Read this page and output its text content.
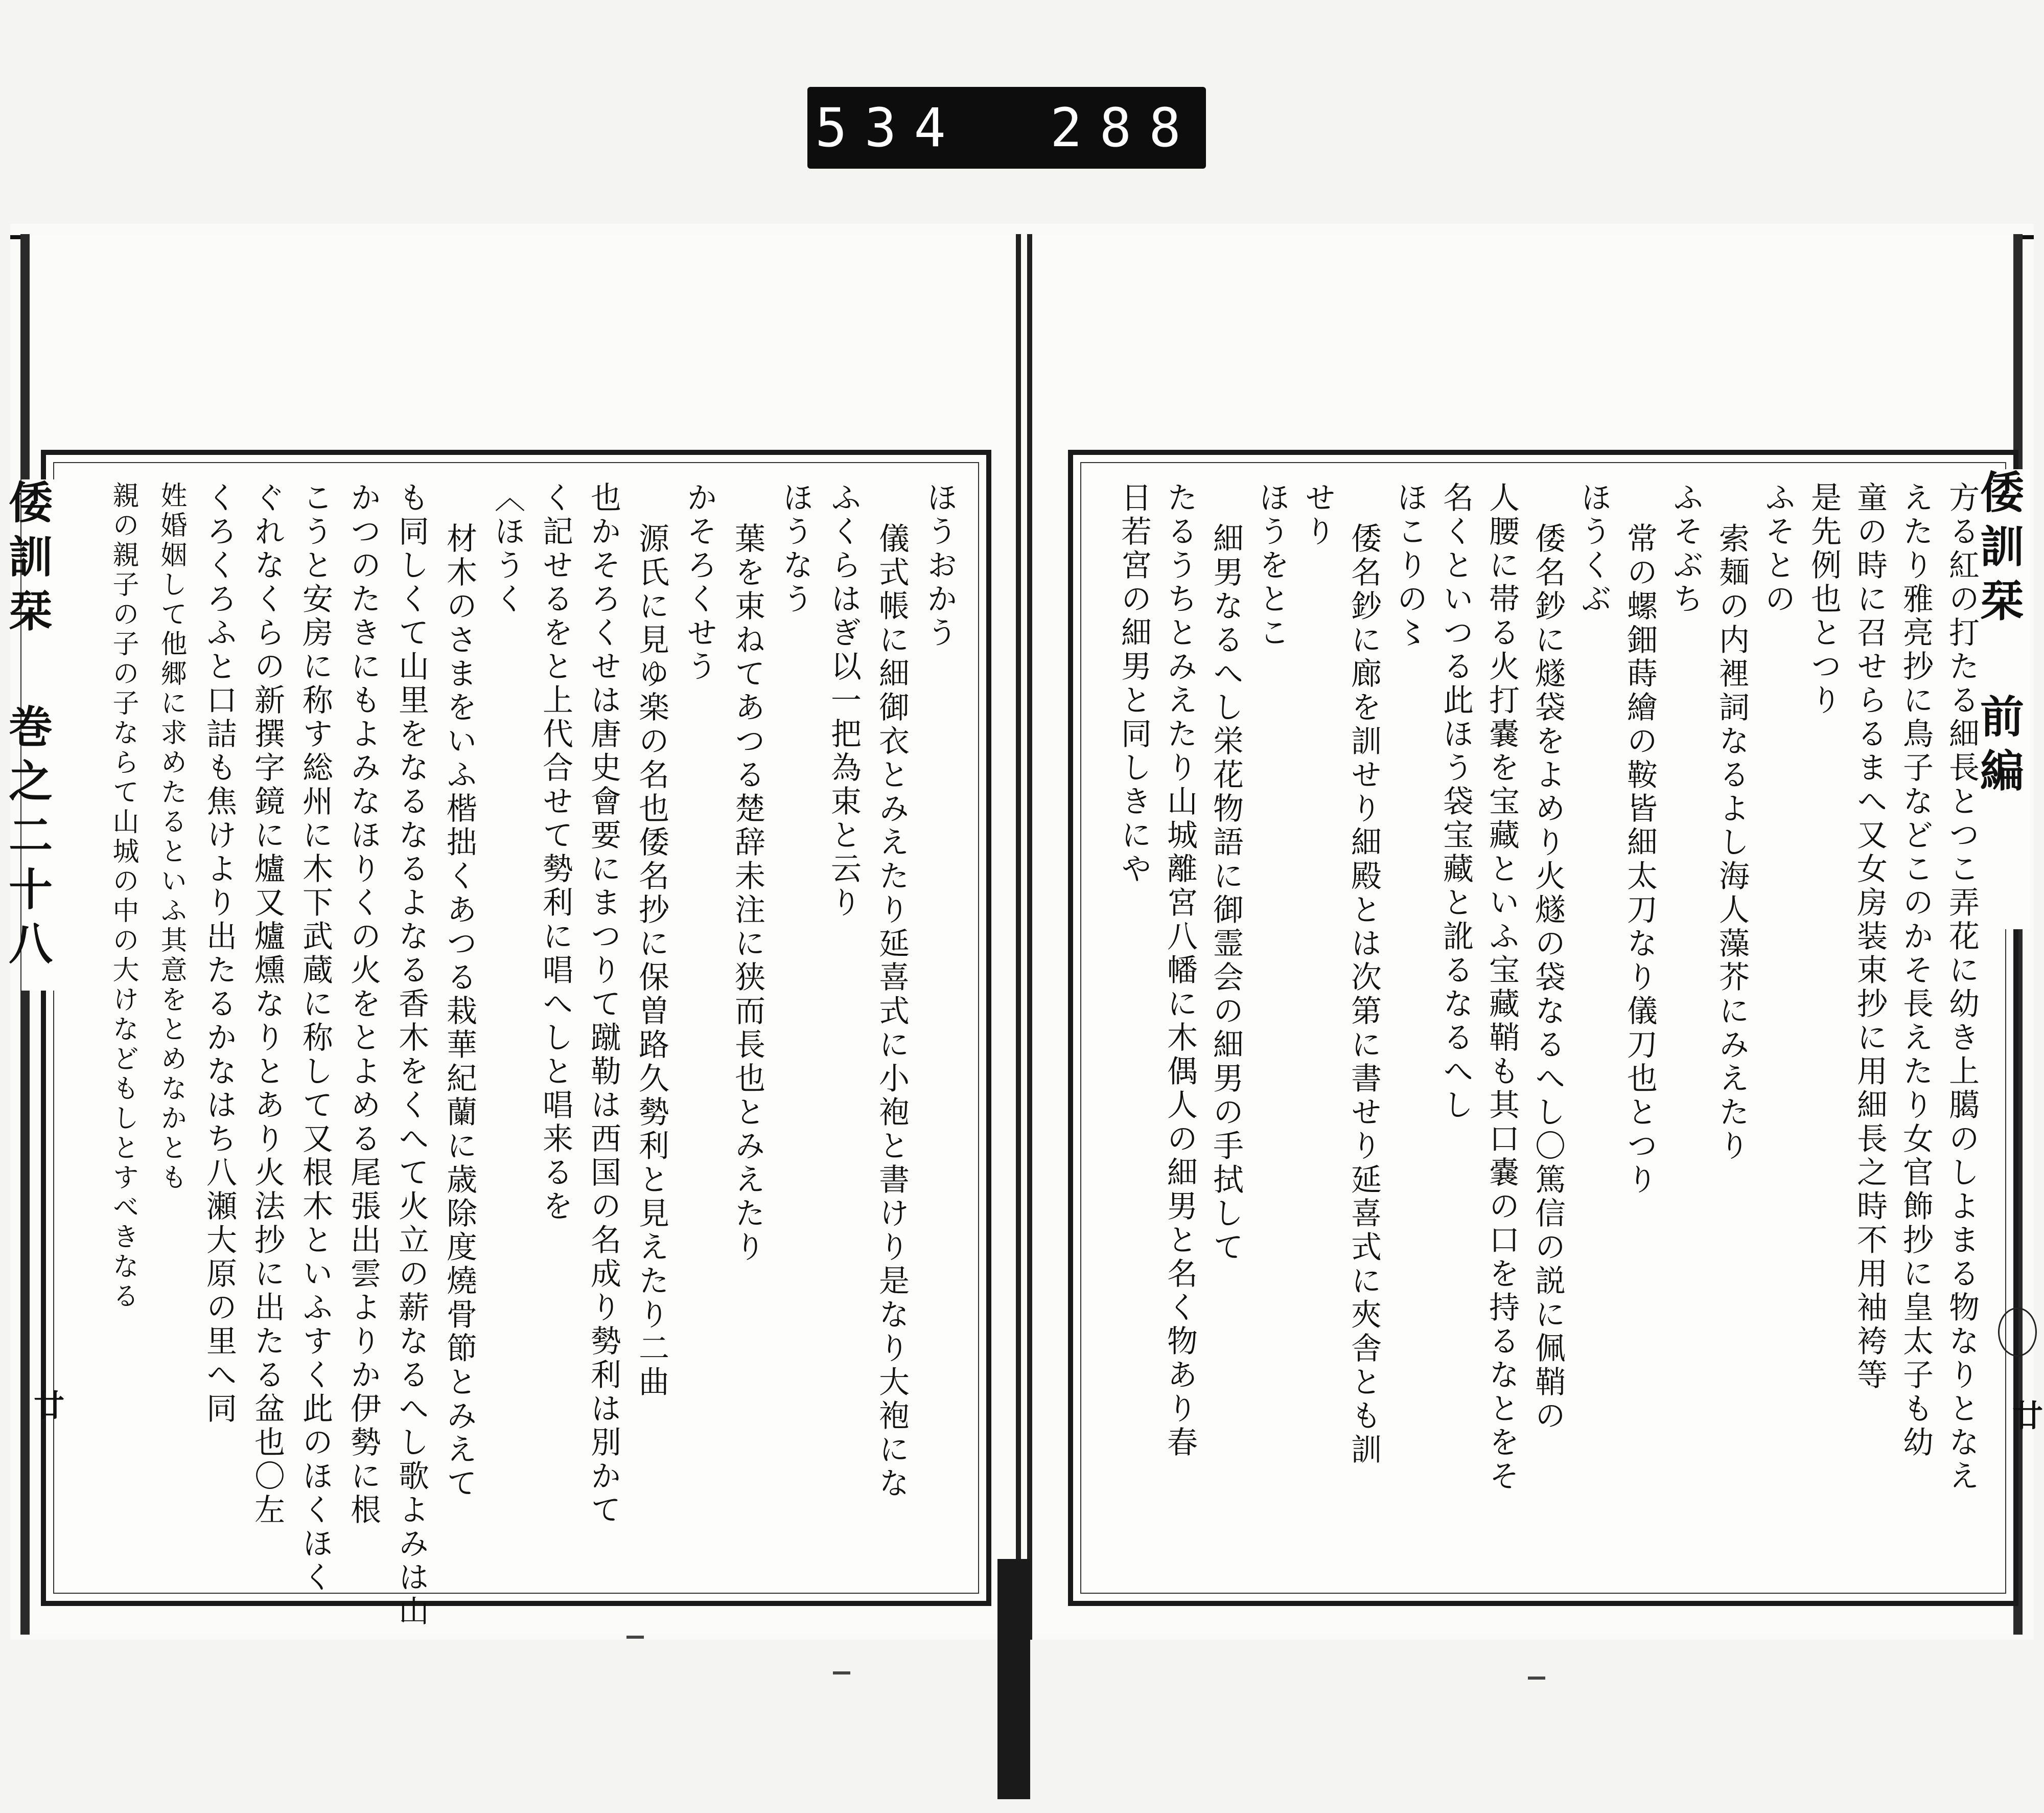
534 288
ほうおかう
儀式帳に細御衣とみえたり延喜式に小袍と書けり是なり大袍にな
ふくらはぎ以一把為束と云り
ほうなう
葉を束ねてあつる楚辞未注に狭而長也とみえたり
かそろくせう
源氏に見ゆ楽の名也倭名抄に保曽路久勢利と見えたり二曲
也かそろくせは唐史會要にまつりて蹴勒は西国の名成り勢利は別かて
く記せるをと上代合せて勢利に唱へしと唱来るを
〈ほうく
材木のさまをいふ楷拙くあつる栽華紀蘭に歳除度燒骨節とみえて
も同しくて山里をなるなるよなる香木をくへて火立の薪なるへし歌よみは山
かつのたきにもよみなほりくの火をとよめる尾張出雲よりか伊勢に根
こうと安房に称す総州に木下武蔵に称して又根木といふすく此のほくほく
ぐれなくらの新撰字鏡に爐又爐燻なりとあり火法抄に出たる盆也〇左
くろくろふと口詰も焦けより出たるかなはち八瀬大原の里へ同
姓婚姻して他郷に求めたるといふ其意をとめなかとも
親の親子の子の子ならて山城の中の大けなどもしとすべきなる	方る紅の打たる細長とつこ弄花に幼き上臈のしよまる物なりとなえ
えたり雅亮抄に鳥子などこのかそ長えたり女官飾抄に皇太子も幼
童の時に召せらるまへ又女房装束抄に用細長之時不用袖袴等
是先例也とつり
ふそとの
索麺の内裡詞なるよし海人藻芥にみえたり
ふそぶち
常の螺鈿蒔繪の鞍皆細太刀なり儀刀也とつり
ほうくぶ
倭名鈔に燧袋をよめり火燧の袋なるへし〇篤信の説に佩鞘の
人腰に帯る火打嚢を宝藏といふ宝藏鞘も其口嚢の口を持るなとをそ
名くといつる此ほう袋宝藏と訛るなるへし
ほこりの〻
倭名鈔に廊を訓せり細殿とは次第に書せり延喜式に夾舎とも訓
せり
ほうをとこ
細男なるへし栄花物語に御霊会の細男の手拭して
たるうちとみえたり山城離宮八幡に木偶人の細男と名く物あり春
日若宮の細男と同しきにや
倭訓栞 巻之二十八
廿
倭訓栞 前編
廿
